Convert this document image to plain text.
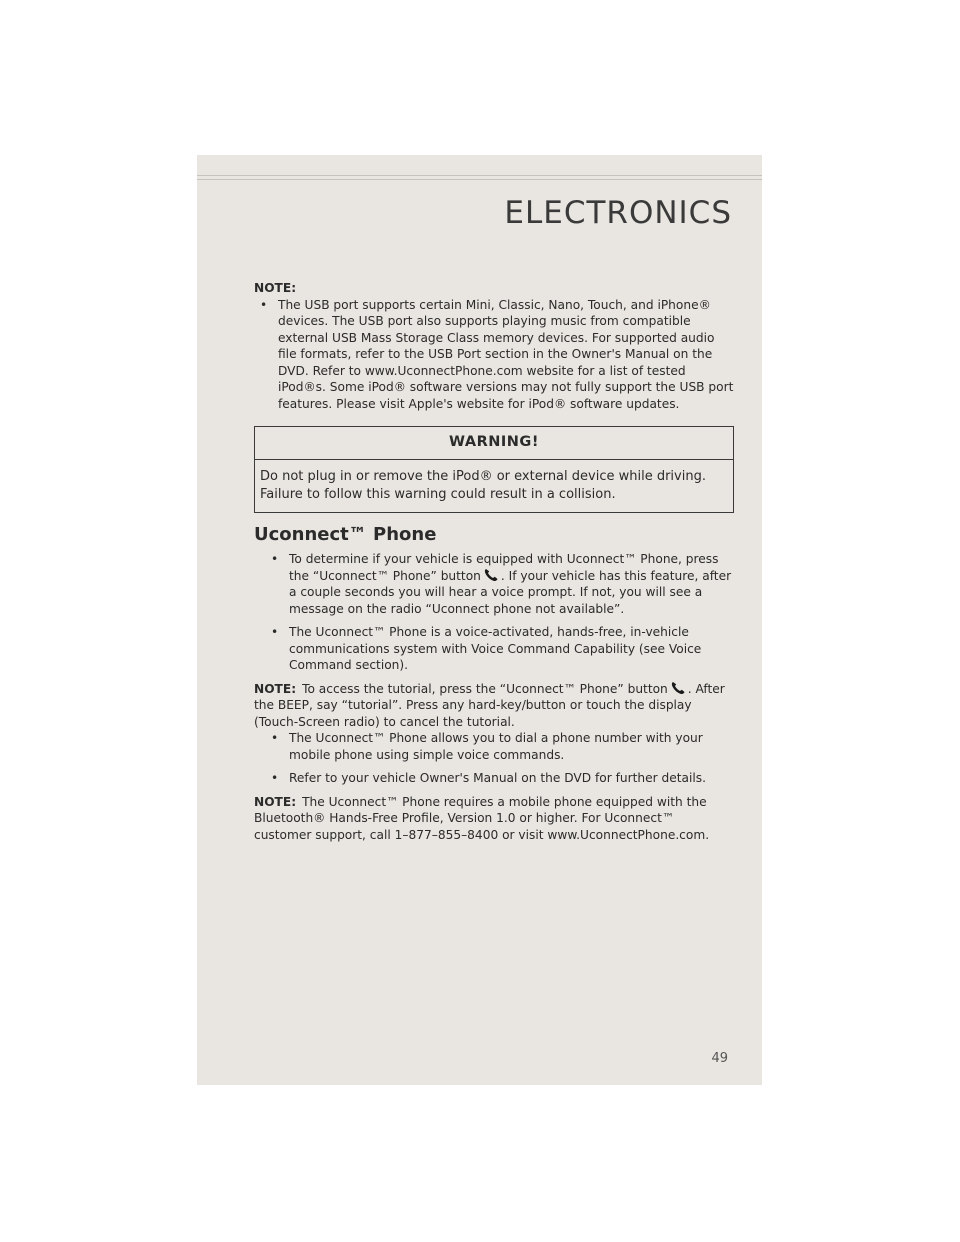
ELECTRONICS
NOTE:

• The USB port supports certain Mini, Classic, Nano, Touch, and iPhone® devices. The USB port also supports playing music from compatible external USB Mass Storage Class memory devices. For supported audio file formats, refer to the USB Port section in the Owner's Manual on the DVD. Refer to www.UconnectPhone.com website for a list of tested iPod®s. Some iPod® software versions may not fully support the USB port features. Please visit Apple's website for iPod® software updates.

WARNING!
Do not plug in or remove the iPod® or external device while driving. Failure to follow this warning could result in a collision.
Uconnect™ Phone

• To determine if your vehicle is equipped with Uconnect™ Phone, press the “Uconnect™ Phone” button . If your vehicle has this feature, after a couple seconds you will hear a voice prompt. If not, you will see a message on the radio “Uconnect phone not available”.

• The Uconnect™ Phone is a voice-activated, hands-free, in-vehicle communications system with Voice Command Capability (see Voice Command section).

NOTE: To access the tutorial, press the “Uconnect™ Phone” button . After the BEEP, say “tutorial”. Press any hard-key/button or touch the display (Touch-Screen radio) to cancel the tutorial.

• The Uconnect™ Phone allows you to dial a phone number with your mobile phone using simple voice commands.

• Refer to your vehicle Owner's Manual on the DVD for further details.

NOTE: The Uconnect™ Phone requires a mobile phone equipped with the Bluetooth® Hands-Free Profile, Version 1.0 or higher. For Uconnect™ customer support, call 1–877–855–8400 or visit www.UconnectPhone.com.

49
